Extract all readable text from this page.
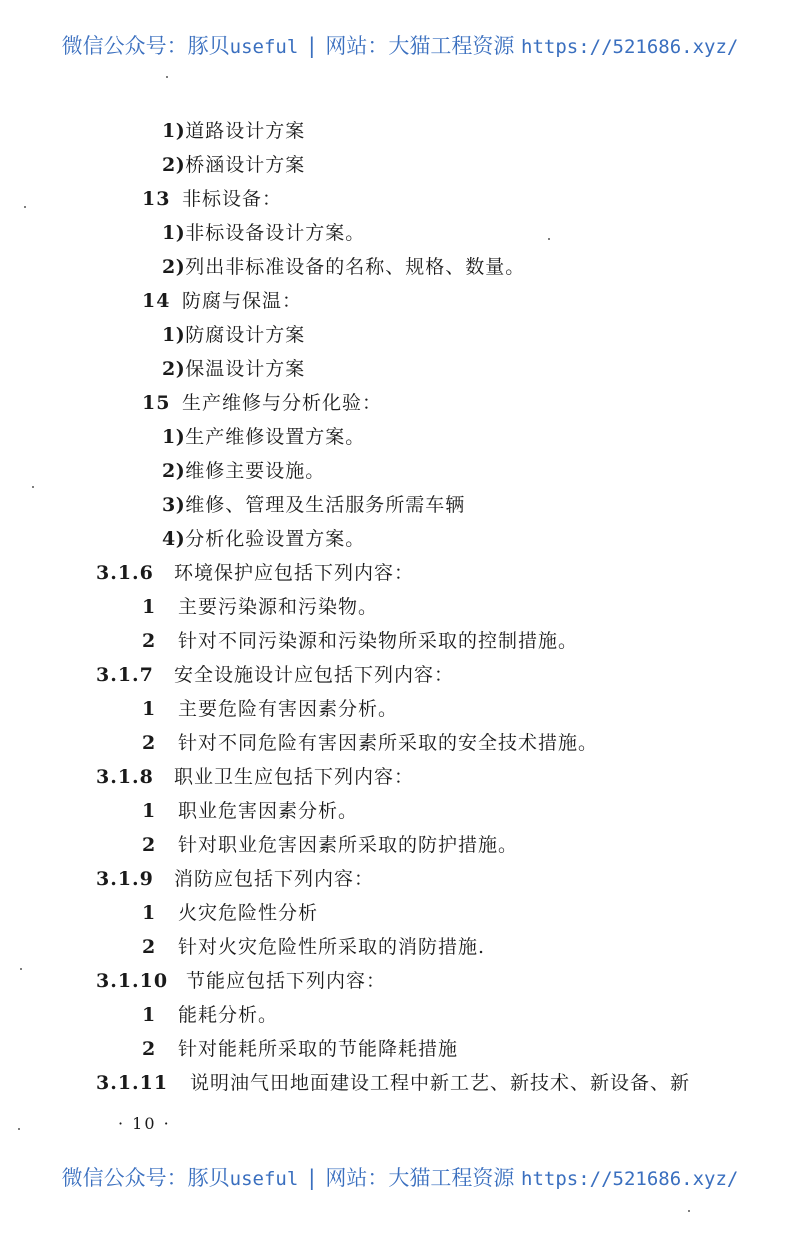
微信公众号：豚贝useful | 网站：大猫工程资源 https://521686.xyz/
1)道路设计方案
2)桥涵设计方案
13 非标设备：
1)非标设备设计方案。
2)列出非标准设备的名称、规格、数量。
14 防腐与保温：
1)防腐设计方案
2)保温设计方案
15 生产维修与分析化验：
1)生产维修设置方案。
2)维修主要设施。
3)维修、管理及生活服务所需车辆
4)分析化验设置方案。
3.1.6 环境保护应包括下列内容：
1 主要污染源和污染物。
2 针对不同污染源和污染物所采取的控制措施。
3.1.7 安全设施设计应包括下列内容：
1 主要危险有害因素分析。
2 针对不同危险有害因素所采取的安全技术措施。
3.1.8 职业卫生应包括下列内容：
1 职业危害因素分析。
2 针对职业危害因素所采取的防护措施。
3.1.9 消防应包括下列内容：
1 火灾危险性分析
2 针对火灾危险性所采取的消防措施.
3.1.10 节能应包括下列内容：
1 能耗分析。
2 针对能耗所采取的节能降耗措施
3.1.11 说明油气田地面建设工程中新工艺、新技术、新设备、新
· 10 ·
微信公众号：豚贝useful | 网站：大猫工程资源 https://521686.xyz/
